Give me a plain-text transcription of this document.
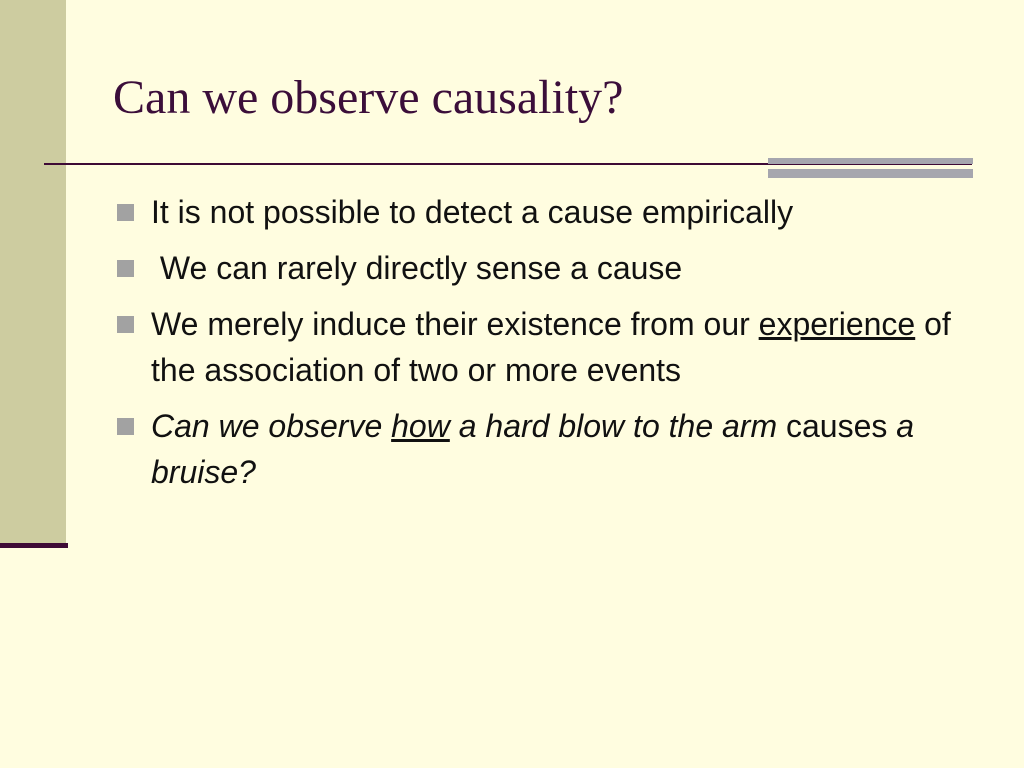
Can we observe causality?
It is not possible to detect a cause empirically
We can rarely directly sense a cause
We merely induce their existence from our experience of the association of two or more events
Can we observe how a hard blow to the arm causes a bruise?
